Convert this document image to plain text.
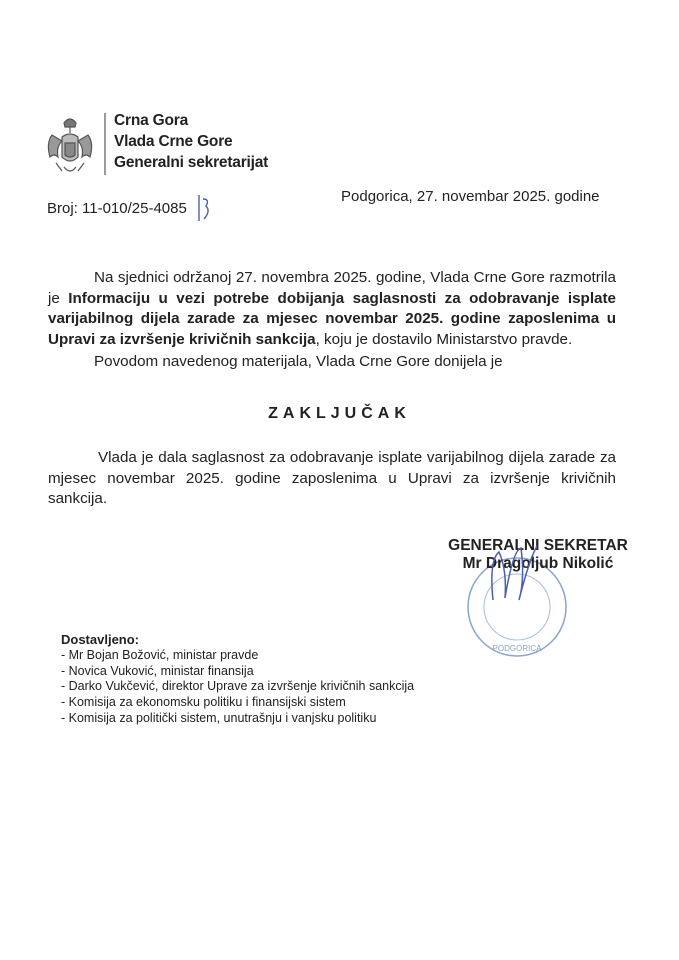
Crna Gora
Vlada Crne Gore
Generalni sekretarijat
Broj: 11-010/25-4085
Podgorica, 27. novembar 2025. godine
Na sjednici održanoj 27. novembra 2025. godine, Vlada Crne Gore razmotrila je Informaciju u vezi potrebe dobijanja saglasnosti za odobravanje isplate varijabilnog dijela zarade za mjesec novembar 2025. godine zaposlenima u Upravi za izvršenje krivičnih sankcija, koju je dostavilo Ministarstvo pravde.
Povodom navedenog materijala, Vlada Crne Gore donijela je
ZAKLJUČAK
Vlada je dala saglasnost za odobravanje isplate varijabilnog dijela zarade za mjesec novembar 2025. godine zaposlenima u Upravi za izvršenje krivičnih sankcija.
PODGORICA
GENERALNI SEKRETAR
Mr Dragoljub Nikolić
Dostavljeno:
- Mr Bojan Božović, ministar pravde
- Novica Vuković, ministar finansija
- Darko Vukčević, direktor Uprave za izvršenje krivičnih sankcija
- Komisija za ekonomsku politiku i finansijski sistem
- Komisija za politički sistem, unutrašnju i vanjsku politiku
